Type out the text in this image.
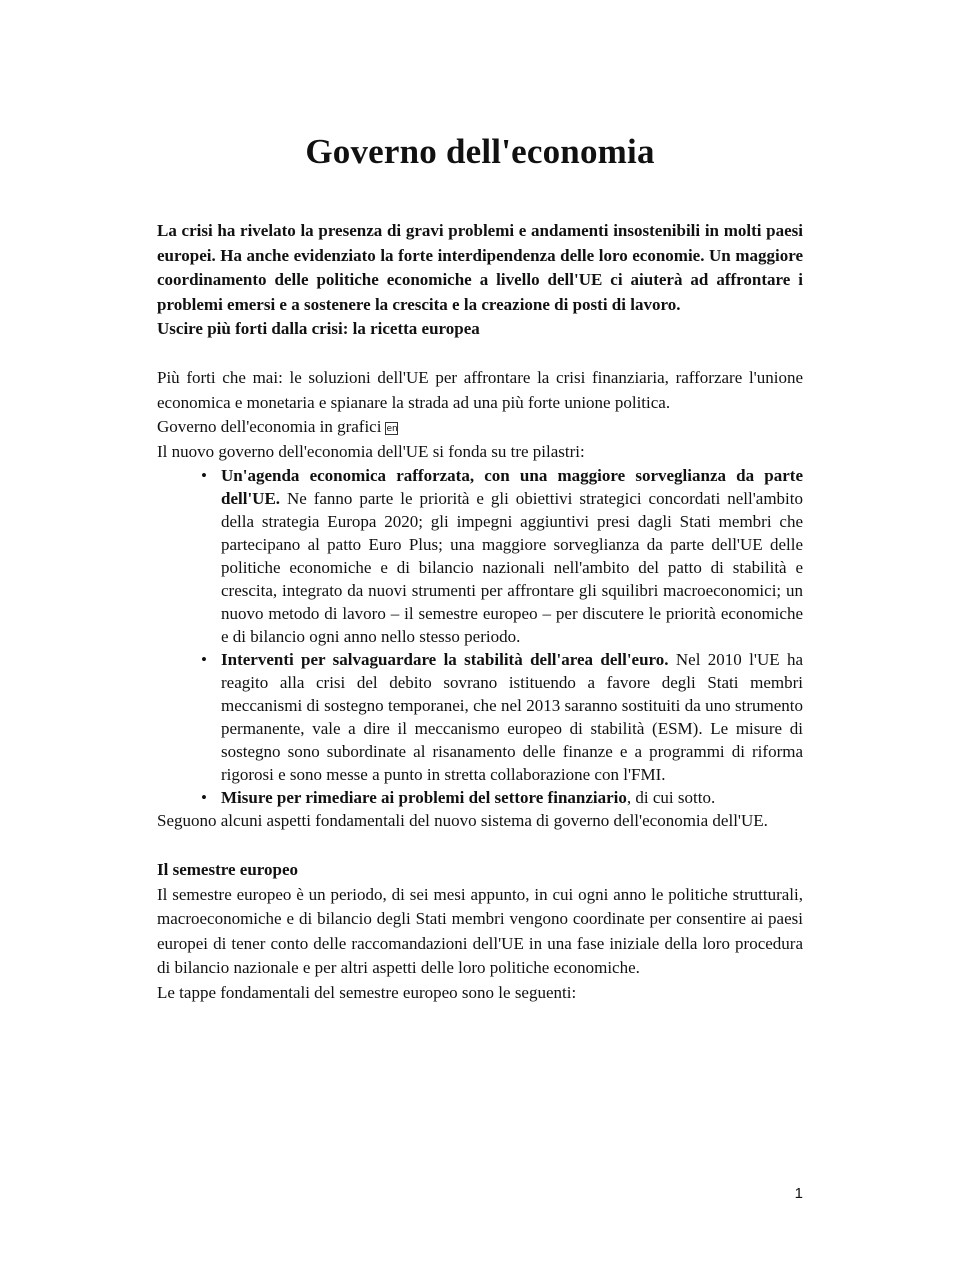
Governo dell'economia

La crisi ha rivelato la presenza di gravi problemi e andamenti insostenibili in molti paesi europei. Ha anche evidenziato la forte interdipendenza delle loro economie. Un maggiore coordinamento delle politiche economiche a livello dell'UE ci aiuterà ad affrontare i problemi emersi e a sostenere la crescita e la creazione di posti di lavoro.

Uscire più forti dalla crisi: la ricetta europea

Più forti che mai: le soluzioni dell'UE per affrontare la crisi finanziaria, rafforzare l'unione economica e monetaria e spianare la strada ad una più forte unione politica.

Governo dell'economia in grafici en

Il nuovo governo dell'economia dell'UE si fonda su tre pilastri:

• Un'agenda economica rafforzata, con una maggiore sorveglianza da parte dell'UE. Ne fanno parte le priorità e gli obiettivi strategici concordati nell'ambito della strategia Europa 2020; gli impegni aggiuntivi presi dagli Stati membri che partecipano al patto Euro Plus; una maggiore sorveglianza da parte dell'UE delle politiche economiche e di bilancio nazionali nell'ambito del patto di stabilità e crescita, integrato da nuovi strumenti per affrontare gli squilibri macroeconomici; un nuovo metodo di lavoro – il semestre europeo – per discutere le priorità economiche e di bilancio ogni anno nello stesso periodo.
• Interventi per salvaguardare la stabilità dell'area dell'euro. Nel 2010 l'UE ha reagito alla crisi del debito sovrano istituendo a favore degli Stati membri meccanismi di sostegno temporanei, che nel 2013 saranno sostituiti da uno strumento permanente, vale a dire il meccanismo europeo di stabilità (ESM). Le misure di sostegno sono subordinate al risanamento delle finanze e a programmi di riforma rigorosi e sono messe a punto in stretta collaborazione con l'FMI.
• Misure per rimediare ai problemi del settore finanziario, di cui sotto.

Seguono alcuni aspetti fondamentali del nuovo sistema di governo dell'economia dell'UE.

Il semestre europeo

Il semestre europeo è un periodo, di sei mesi appunto, in cui ogni anno le politiche strutturali, macroeconomiche e di bilancio degli Stati membri vengono coordinate per consentire ai paesi europei di tener conto delle raccomandazioni dell'UE in una fase iniziale della loro procedura di bilancio nazionale e per altri aspetti delle loro politiche economiche.

Le tappe fondamentali del semestre europeo sono le seguenti:

1
